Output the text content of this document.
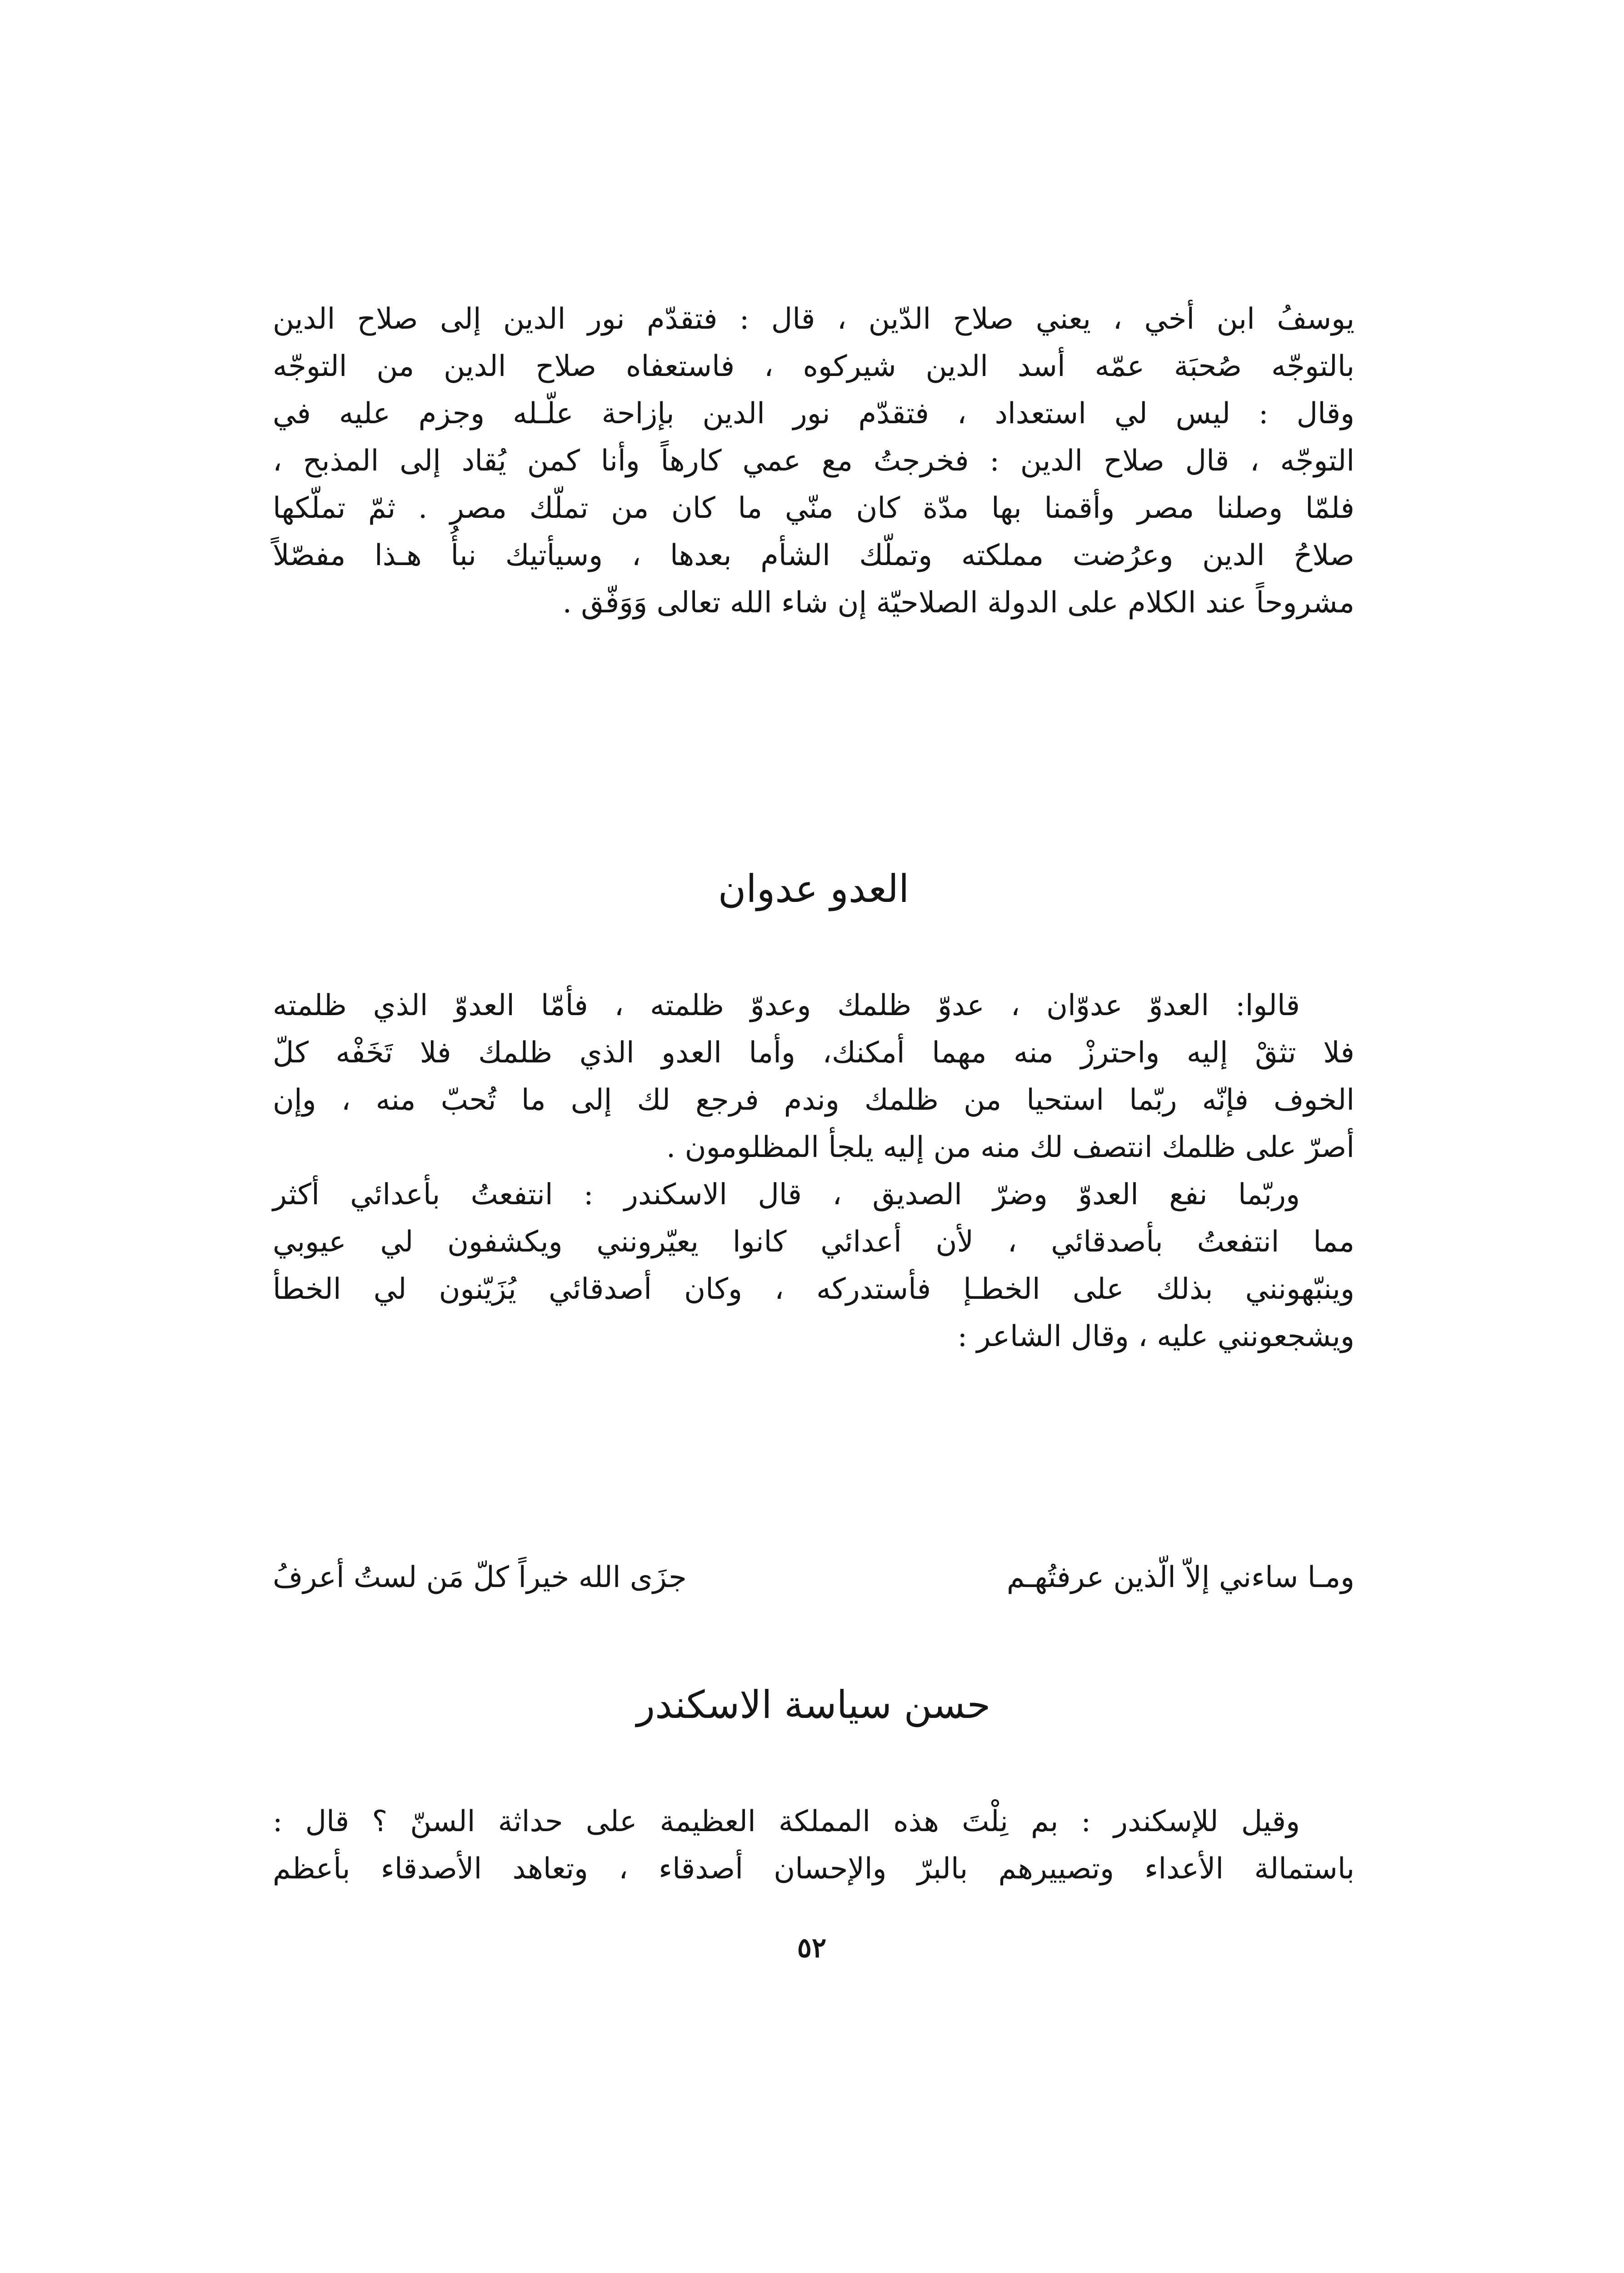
يوسفُ ابن أخي ، يعني صلاح الدّين ، قال : فتقدّم نور الدين إلى صلاح الدين
بالتوجّه صُحبَة عمّه أسد الدين شيركوه ، فاستعفاه صلاح الدين من التوجّه
وقال : ليس لي استعداد ، فتقدّم نور الدين بإزاحة علّـله وجزم عليه في
التوجّه ، قال صلاح الدين : فخرجتُ مع عمي كارهاً وأنا كمن يُقاد إلى المذبح ،
فلمّا وصلنا مصر وأقمنا بها مدّة كان منّي ما كان من تملّك مصر . ثمّ تملّكها
صلاحُ الدين وعرُضت مملكته وتملّك الشأم بعدها ، وسيأتيك نبأُ هـذا مفصّلاً
مشروحاً عند الكلام على الدولة الصلاحيّة إن شاء الله تعالى وَوَفّق .
العدو عدوان
قالوا: العدوّ عدوّان ، عدوّ ظلمك وعدوّ ظلمته ، فأمّا العدوّ الذي ظلمته
فلا تثقْ إليه واحترزْ منه مهما أمكنك، وأما العدو الذي ظلمك فلا تَخَفْه كلّ
الخوف فإنّه ربّما استحيا من ظلمك وندم فرجع لك إلى ما تُحبّ منه ، وإن
أصرّ على ظلمك انتصف لك منه من إليه يلجأ المظلومون .
وربّما نفع العدوّ وضرّ الصديق ، قال الاسكندر : انتفعتُ بأعدائي أكثر
مما انتفعتُ بأصدقائي ، لأن أعدائي كانوا يعيّرونني ويكشفون لي عيوبي
وينبّهونني بذلك على الخطـإ فأستدركه ، وكان أصدقائي يُزَيّنون لي الخطأ
ويشجعونني عليه ، وقال الشاعر :
ومـا ساءني إلاّ الّذين عرفتُهـم
جزَى الله خيراً كلّ مَن لستُ أعرفُ
حسن سياسة الاسكندر
وقيل للإسكندر : بم نِلْتَ هذه المملكة العظيمة على حداثة السنّ ؟ قال :
باستمالة الأعداء وتصييرهم بالبرّ والإحسان أصدقاء ، وتعاهد الأصدقاء بأعظم
٥٢
